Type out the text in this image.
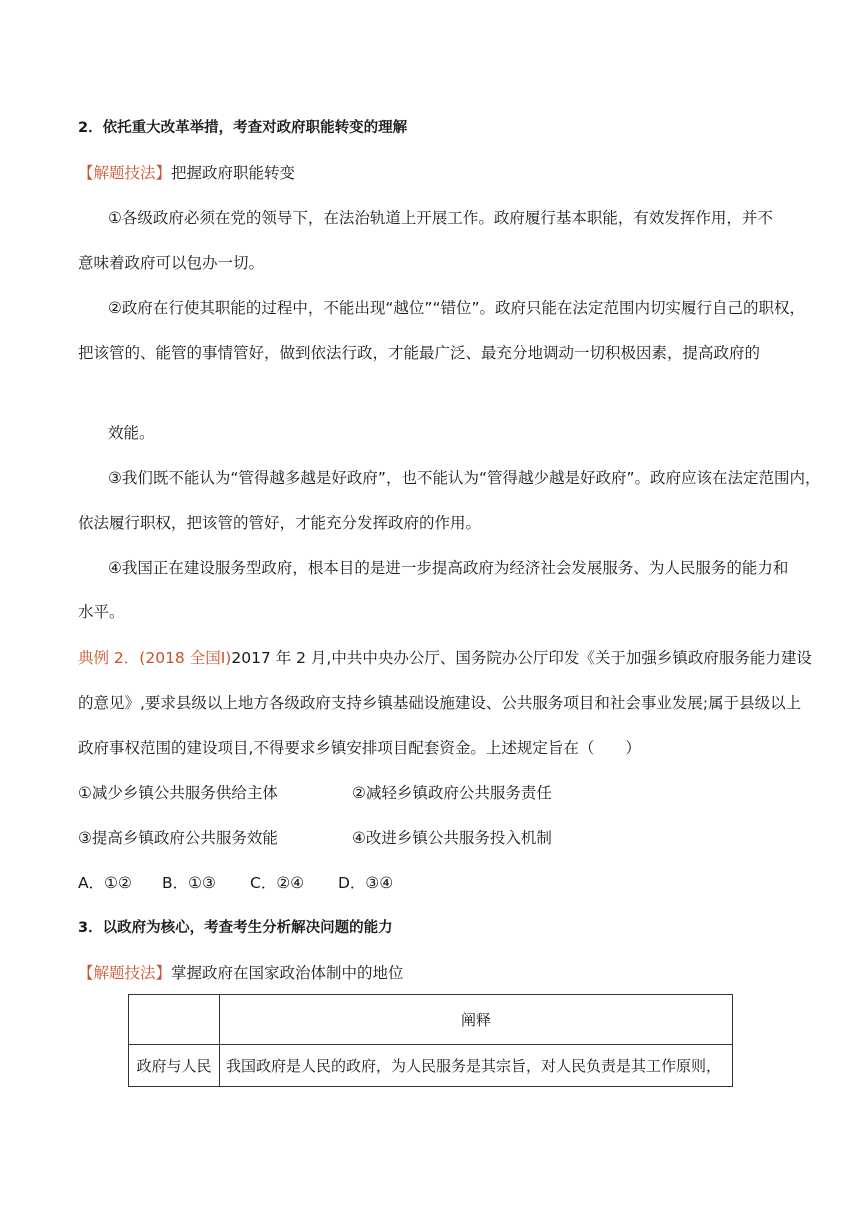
2．依托重大改革举措，考查对政府职能转变的理解
【解题技法】把握政府职能转变
①各级政府必须在党的领导下，在法治轨道上开展工作。政府履行基本职能，有效发挥作用，并不
意味着政府可以包办一切。
②政府在行使其职能的过程中，不能出现“越位”“错位”。政府只能在法定范围内切实履行自己的职权，
把该管的、能管的事情管好，做到依法行政，才能最广泛、最充分地调动一切积极因素，提高政府的
效能。
③我们既不能认为“管得越多越是好政府”，也不能认为“管得越少越是好政府”。政府应该在法定范围内，
依法履行职权，把该管的管好，才能充分发挥政府的作用。
④我国正在建设服务型政府，根本目的是进一步提高政府为经济社会发展服务、为人民服务的能力和
水平。
典例 2．(2018 全国Ⅰ)2017 年 2 月,中共中央办公厅、国务院办公厅印发《关于加强乡镇政府服务能力建设
的意见》,要求县级以上地方各级政府支持乡镇基础设施建设、公共服务项目和社会事业发展;属于县级以上
政府事权范围的建设项目,不得要求乡镇安排项目配套资金。上述规定旨在（　　）
①减少乡镇公共服务供给主体	②减轻乡镇政府公共服务责任
③提高乡镇政府公共服务效能	④改进乡镇公共服务投入机制
A．①② B．①③ C．②④ D．③④
3．以政府为核心，考查考生分析解决问题的能力
【解题技法】掌握政府在国家政治体制中的地位
	阐释
政府与人民	我国政府是人民的政府，为人民服务是其宗旨，对人民负责是其工作原则，
